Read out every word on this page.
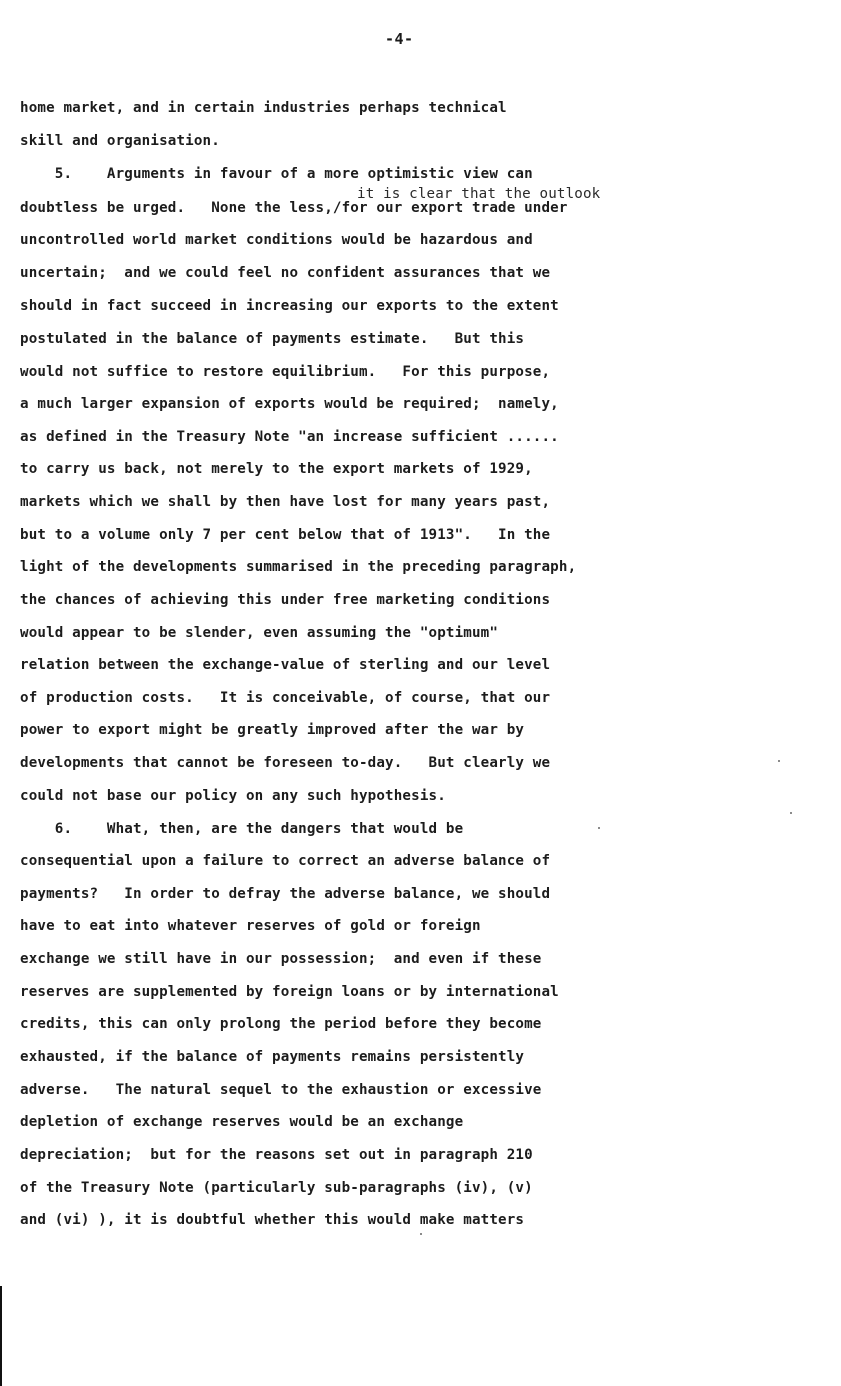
-4-
it is clear that the outlook
home market, and in certain industries perhaps technical
skill and organisation.
5.    Arguments in favour of a more optimistic view can
doubtless be urged.   None the less,/for our export trade under
uncontrolled world market conditions would be hazardous and
uncertain;  and we could feel no confident assurances that we
should in fact succeed in increasing our exports to the extent
postulated in the balance of payments estimate.   But this
would not suffice to restore equilibrium.   For this purpose,
a much larger expansion of exports would be required;  namely,
as defined in the Treasury Note "an increase sufficient ......
to carry us back, not merely to the export markets of 1929,
markets which we shall by then have lost for many years past,
but to a volume only 7 per cent below that of 1913".   In the
light of the developments summarised in the preceding paragraph,
the chances of achieving this under free marketing conditions
would appear to be slender, even assuming the "optimum"
relation between the exchange-value of sterling and our level
of production costs.   It is conceivable, of course, that our
power to export might be greatly improved after the war by
developments that cannot be foreseen to-day.   But clearly we
could not base our policy on any such hypothesis.
6.    What, then, are the dangers that would be
consequential upon a failure to correct an adverse balance of
payments?   In order to defray the adverse balance, we should
have to eat into whatever reserves of gold or foreign
exchange we still have in our possession;  and even if these
reserves are supplemented by foreign loans or by international
credits, this can only prolong the period before they become
exhausted, if the balance of payments remains persistently
adverse.   The natural sequel to the exhaustion or excessive
depletion of exchange reserves would be an exchange
depreciation;  but for the reasons set out in paragraph 210
of the Treasury Note (particularly sub-paragraphs (iv), (v)
and (vi) ), it is doubtful whether this would make matters
